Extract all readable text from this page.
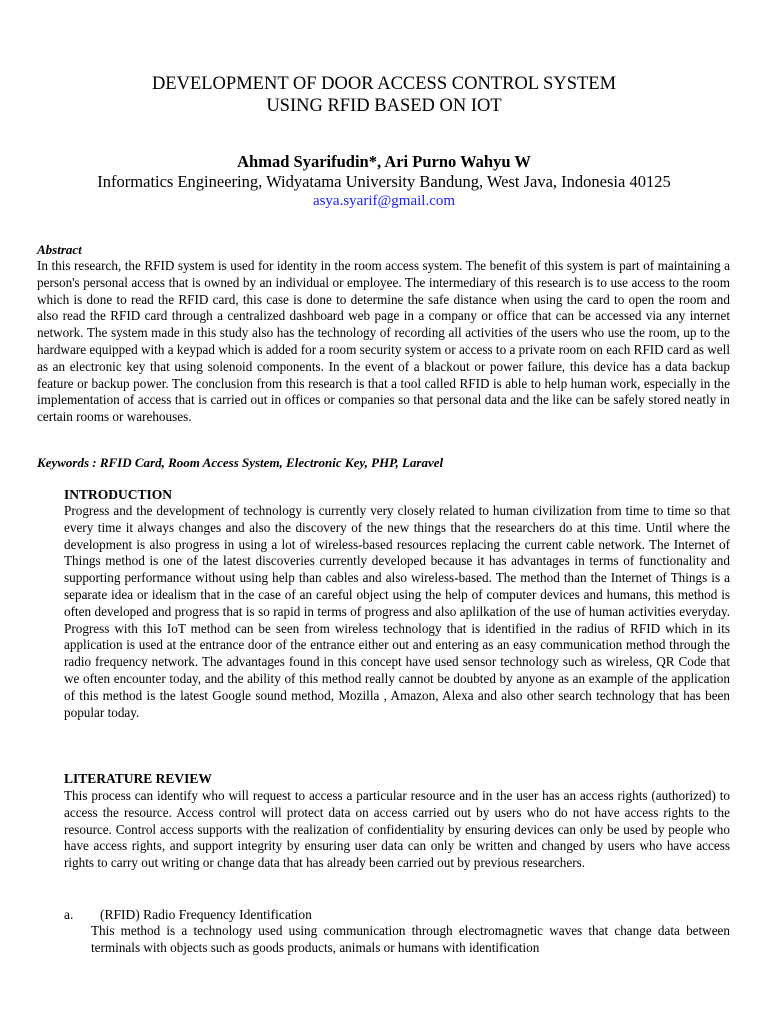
DEVELOPMENT OF DOOR ACCESS CONTROL SYSTEM
USING RFID BASED ON IOT
Ahmad Syarifudin*, Ari Purno Wahyu W
Informatics Engineering, Widyatama University Bandung, West Java, Indonesia 40125
asya.syarif@gmail.com
Abstract
In this research, the RFID system is used for identity in the room access system. The benefit of this system is part of maintaining a person's personal access that is owned by an individual or employee. The intermediary of this research is to use access to the room which is done to read the RFID card, this case is done to determine the safe distance when using the card to open the room and also read the RFID card through a centralized dashboard web page in a company or office that can be accessed via any internet network. The system made in this study also has the technology of recording all activities of the users who use the room, up to the hardware equipped with a keypad which is added for a room security system or access to a private room on each RFID card as well as an electronic key that using solenoid components. In the event of a blackout or power failure, this device has a data backup feature or backup power. The conclusion from this research is that a tool called RFID is able to help human work, especially in the implementation of access that is carried out in offices or companies so that personal data and the like can be safely stored neatly in certain rooms or warehouses.
Keywords : RFID Card, Room Access System, Electronic Key, PHP, Laravel
INTRODUCTION
Progress and the development of technology is currently very closely related to human civilization from time to time so that every time it always changes and also the discovery of the new things that the researchers do at this time. Until where the development is also progress in using a lot of wireless-based resources replacing the current cable network. The Internet of Things method is one of the latest discoveries currently developed because it has advantages in terms of functionality and supporting performance without using help than cables and also wireless-based. The method than the Internet of Things is a separate idea or idealism that in the case of an careful object using the help of computer devices and humans, this method is often developed and progress that is so rapid in terms of progress and also aplilkation of the use of human activities everyday. Progress with this IoT method can be seen from wireless technology that is identified in the radius of RFID which in its application is used at the entrance door of the entrance either out and entering as an easy communication method through the radio frequency network. The advantages found in this concept have used sensor technology such as wireless, QR Code that we often encounter today, and the ability of this method really cannot be doubted by anyone as an example of the application of this method is the latest Google sound method, Mozilla , Amazon, Alexa and also other search technology that has been popular today.
LITERATURE REVIEW
This process can identify who will request to access a particular resource and in the user has an access rights (authorized) to access the resource. Access control will protect data on access carried out by users who do not have access rights to the resource. Control access supports with the realization of confidentiality by ensuring devices can only be used by people who have access rights, and support integrity by ensuring user data can only be written and changed by users who have access rights to carry out writing or change data that has already been carried out by previous researchers.
a. (RFID) Radio Frequency Identification
This method is a technology used using communication through electromagnetic waves that change data between terminals with objects such as goods products, animals or humans with identification
